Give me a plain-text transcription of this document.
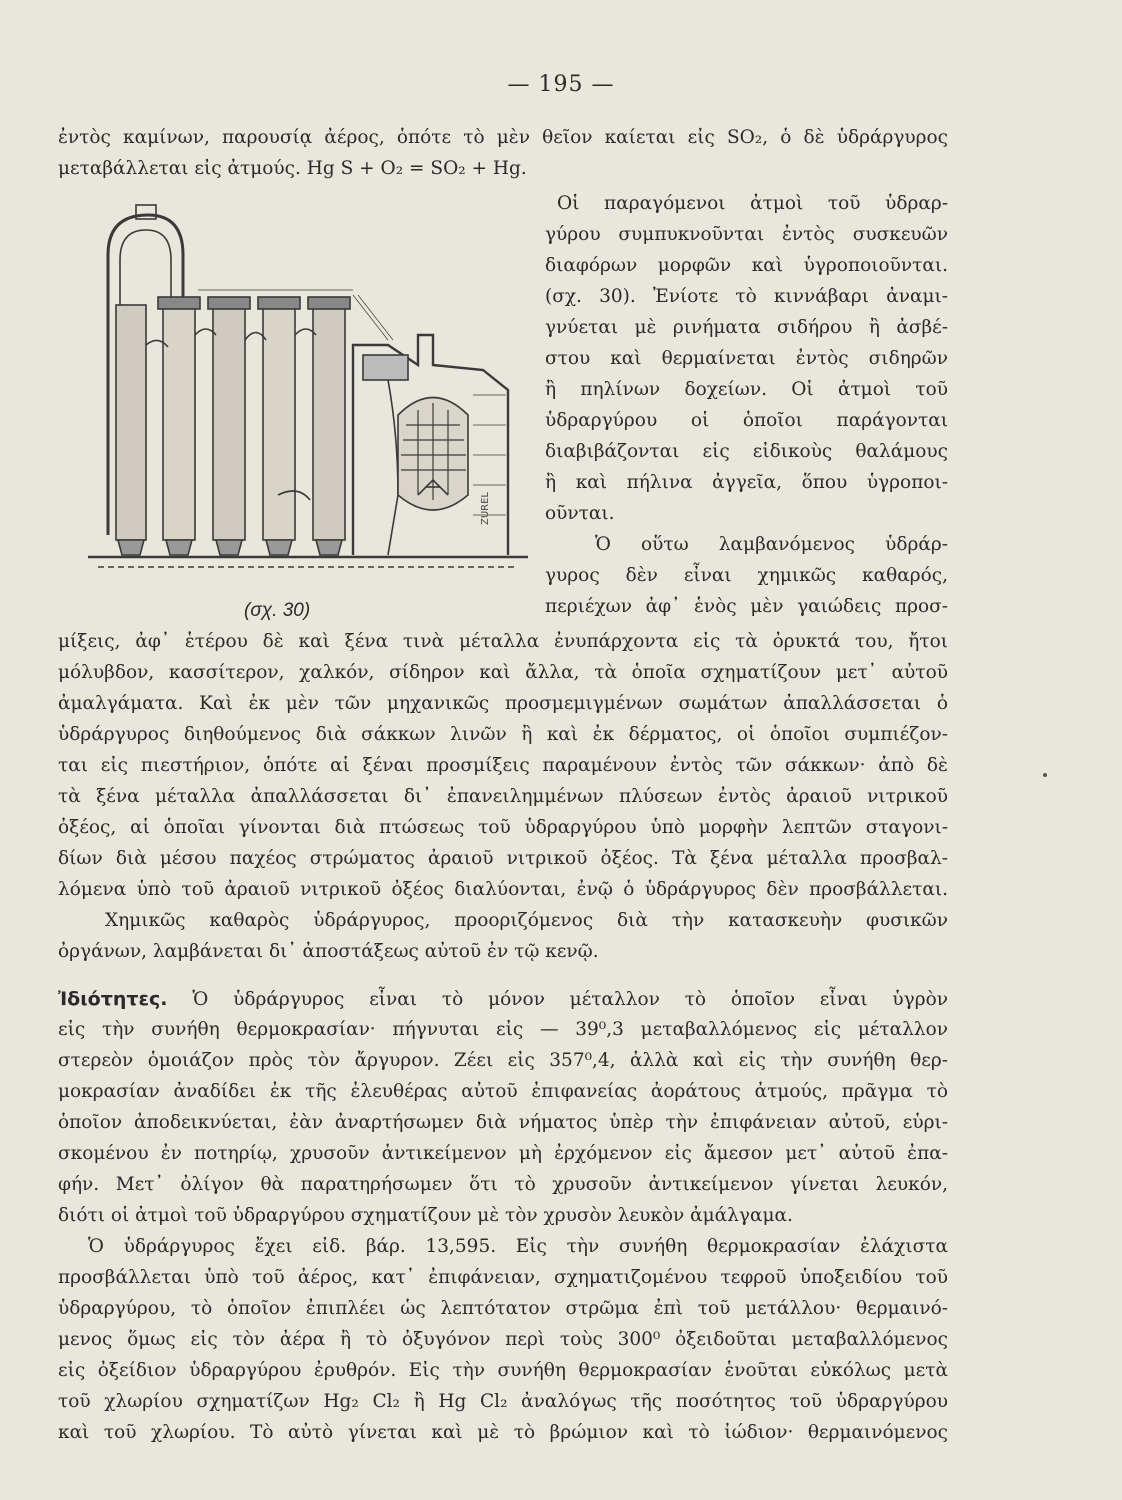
— 195 —
ἐντὸς καμίνων, παρουσίᾳ ἀέρος, ὁπότε τὸ μὲν θεῖον καίεται εἰς SO₂, ὁ δὲ ὑδράργυρος
μεταβάλλεται εἰς ἀτμούς. Hg S + O₂ = SO₂ + Hg.
ZUREL
(σχ. 30)
Οἱ παραγόμενοι ἀτμοὶ τοῦ ὑδραρ-
γύρου συμπυκνοῦνται ἐντὸς συσκευῶν
διαφόρων μορφῶν καὶ ὑγροποιοῦνται.
(σχ. 30). Ἐνίοτε τὸ κιννάβαρι ἀναμι-
γνύεται μὲ ρινήματα σιδήρου ἢ ἀσβέ-
στου καὶ θερμαίνεται ἐντὸς σιδηρῶν
ἢ πηλίνων δοχείων. Οἱ ἀτμοὶ τοῦ
ὑδραργύρου οἱ ὁποῖοι παράγονται
διαβιβάζονται εἰς εἰδικοὺς θαλάμους
ἢ καὶ πήλινα ἀγγεῖα, ὅπου ὑγροποι-
οῦνται.
Ὁ οὕτω λαμβανόμενος ὑδράρ-
γυρος δὲν εἶναι χημικῶς καθαρός,
περιέχων ἀφ᾽ ἑνὸς μὲν γαιώδεις προσ-
μίξεις, ἀφ᾽ ἑτέρου δὲ καὶ ξένα τινὰ μέταλλα ἐνυπάρχοντα εἰς τὰ ὀρυκτά του, ἤτοι
μόλυβδον, κασσίτερον, χαλκόν, σίδηρον καὶ ἄλλα, τὰ ὁποῖα σχηματίζουν μετ᾽ αὐτοῦ
ἀμαλγάματα. Καὶ ἐκ μὲν τῶν μηχανικῶς προσμεμιγμένων σωμάτων ἀπαλλάσσεται ὁ
ὑδράργυρος διηθούμενος διὰ σάκκων λινῶν ἢ καὶ ἐκ δέρματος, οἱ ὁποῖοι συμπιέζον-
ται εἰς πιεστήριον, ὁπότε αἱ ξέναι προσμίξεις παραμένουν ἐντὸς τῶν σάκκων· ἀπὸ δὲ
τὰ ξένα μέταλλα ἀπαλλάσσεται δι᾽ ἐπανειλημμένων πλύσεων ἐντὸς ἀραιοῦ νιτρικοῦ
ὀξέος, αἱ ὁποῖαι γίνονται διὰ πτώσεως τοῦ ὑδραργύρου ὑπὸ μορφὴν λεπτῶν σταγονι-
δίων διὰ μέσου παχέος στρώματος ἀραιοῦ νιτρικοῦ ὀξέος. Τὰ ξένα μέταλλα προσβαλ-
λόμενα ὑπὸ τοῦ ἀραιοῦ νιτρικοῦ ὀξέος διαλύονται, ἐνῷ ὁ ὑδράργυρος δὲν προσβάλλεται.
Χημικῶς καθαρὸς ὑδράργυρος, προοριζόμενος διὰ τὴν κατασκευὴν φυσικῶν
ὀργάνων, λαμβάνεται δι᾽ ἀποστάξεως αὐτοῦ ἐν τῷ κενῷ.
Ἰδιότητες. Ὁ ὑδράργυρος εἶναι τὸ μόνον μέταλλον τὸ ὁποῖον εἶναι ὑγρὸν
εἰς τὴν συνήθη θερμοκρασίαν· πήγνυται εἰς — 39⁰,3 μεταβαλλόμενος εἰς μέταλλον
στερεὸν ὁμοιάζον πρὸς τὸν ἄργυρον. Ζέει εἰς 357⁰,4, ἀλλὰ καὶ εἰς τὴν συνήθη θερ-
μοκρασίαν ἀναδίδει ἐκ τῆς ἐλευθέρας αὐτοῦ ἐπιφανείας ἀοράτους ἀτμούς, πρᾶγμα τὸ
ὁποῖον ἀποδεικνύεται, ἐὰν ἀναρτήσωμεν διὰ νήματος ὑπὲρ τὴν ἐπιφάνειαν αὐτοῦ, εὑρι-
σκομένου ἐν ποτηρίῳ, χρυσοῦν ἀντικείμενον μὴ ἐρχόμενον εἰς ἄμεσον μετ᾽ αὐτοῦ ἐπα-
φήν. Μετ᾽ ὀλίγον θὰ παρατηρήσωμεν ὅτι τὸ χρυσοῦν ἀντικείμενον γίνεται λευκόν,
διότι οἱ ἀτμοὶ τοῦ ὑδραργύρου σχηματίζουν μὲ τὸν χρυσὸν λευκὸν ἀμάλγαμα.
Ὁ ὑδράργυρος ἔχει εἰδ. βάρ. 13,595. Εἰς τὴν συνήθη θερμοκρασίαν ἐλάχιστα
προσβάλλεται ὑπὸ τοῦ ἀέρος, κατ᾽ ἐπιφάνειαν, σχηματιζομένου τεφροῦ ὑποξειδίου τοῦ
ὑδραργύρου, τὸ ὁποῖον ἐπιπλέει ὡς λεπτότατον στρῶμα ἐπὶ τοῦ μετάλλου· θερμαινό-
μενος ὅμως εἰς τὸν ἀέρα ἢ τὸ ὀξυγόνον περὶ τοὺς 300⁰ ὀξειδοῦται μεταβαλλόμενος
εἰς ὀξείδιον ὑδραργύρου ἐρυθρόν. Εἰς τὴν συνήθη θερμοκρασίαν ἑνοῦται εὐκόλως μετὰ
τοῦ χλωρίου σχηματίζων Hg₂ Cl₂ ἢ Hg Cl₂ ἀναλόγως τῆς ποσότητος τοῦ ὑδραργύρου
καὶ τοῦ χλωρίου. Τὸ αὐτὸ γίνεται καὶ μὲ τὸ βρώμιον καὶ τὸ ἰώδιον· θερμαινόμενος
